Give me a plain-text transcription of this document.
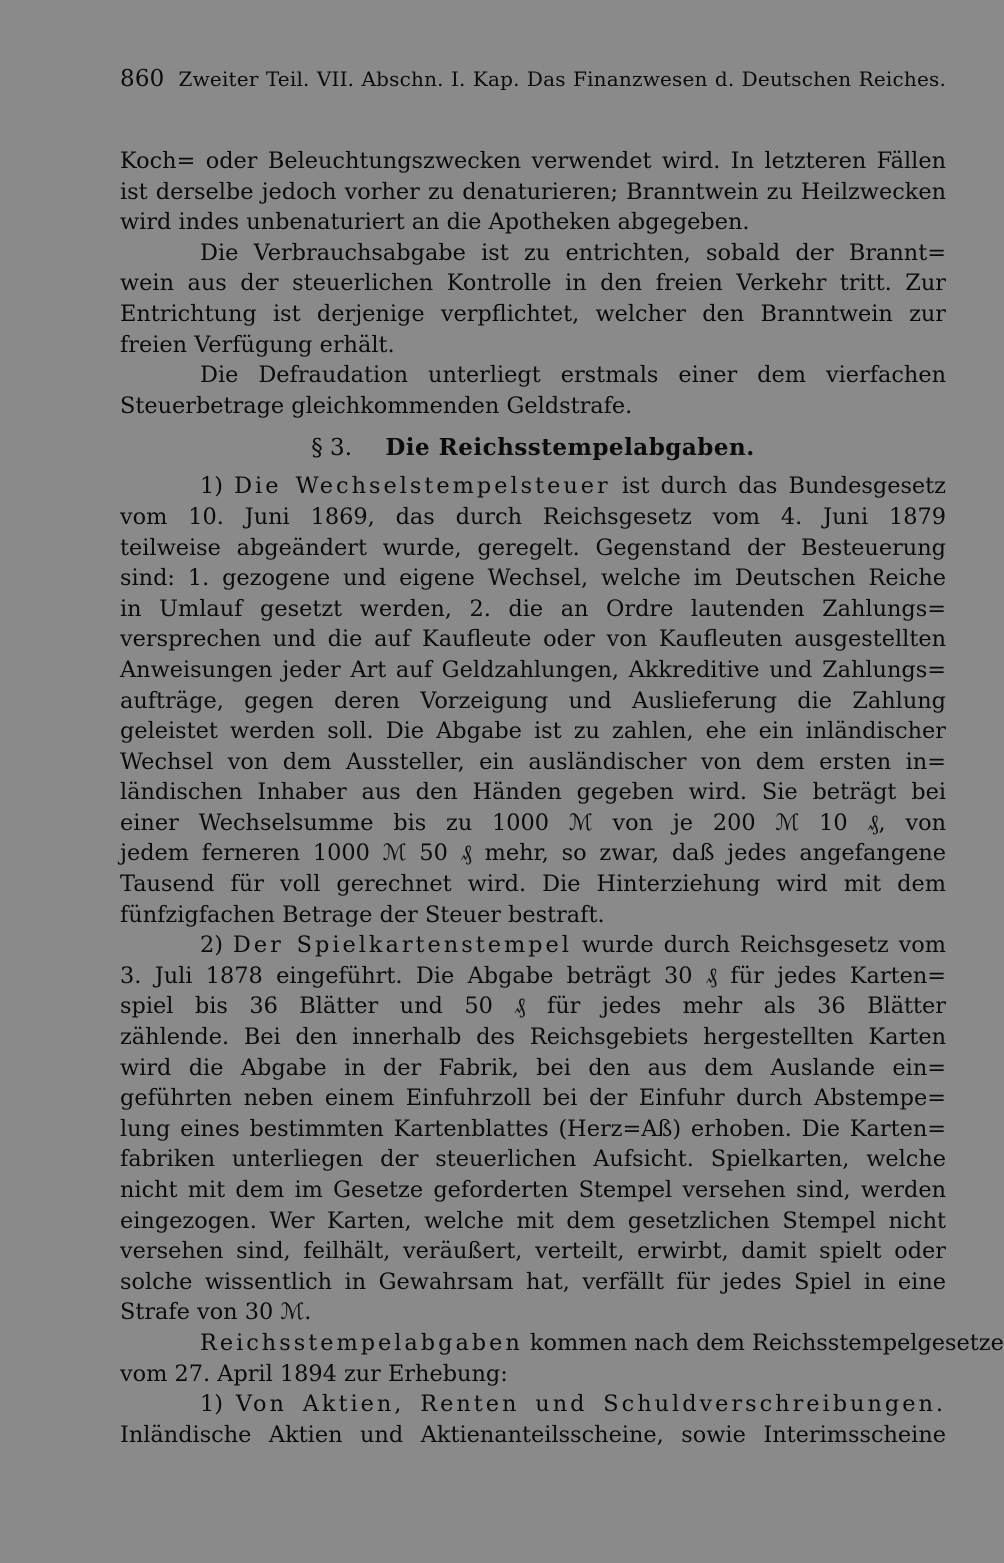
860 Zweiter Teil. VII. Abschn. I. Kap. Das Finanzwesen d. Deutschen Reiches.
Koch= oder Beleuchtungszwecken verwendet wird. In letzteren Fällen
ist derselbe jedoch vorher zu denaturieren; Branntwein zu Heilzwecken
wird indes unbenaturiert an die Apotheken abgegeben.
Die Verbrauchsabgabe ist zu entrichten, sobald der Brannt=
wein aus der steuerlichen Kontrolle in den freien Verkehr tritt. Zur
Entrichtung ist derjenige verpflichtet, welcher den Branntwein zur
freien Verfügung erhält.
Die Defraudation unterliegt erstmals einer dem vierfachen
Steuerbetrage gleichkommenden Geldstrafe.
§ 3. Die Reichsstempelabgaben.
1) Die Wechselstempelsteuer ist durch das Bundesgesetz
vom 10. Juni 1869, das durch Reichsgesetz vom 4. Juni 1879
teilweise abgeändert wurde, geregelt. Gegenstand der Besteuerung
sind: 1. gezogene und eigene Wechsel, welche im Deutschen Reiche
in Umlauf gesetzt werden, 2. die an Ordre lautenden Zahlungs=
versprechen und die auf Kaufleute oder von Kaufleuten ausgestellten
Anweisungen jeder Art auf Geldzahlungen, Akkreditive und Zahlungs=
aufträge, gegen deren Vorzeigung und Auslieferung die Zahlung
geleistet werden soll. Die Abgabe ist zu zahlen, ehe ein inländischer
Wechsel von dem Aussteller, ein ausländischer von dem ersten in=
ländischen Inhaber aus den Händen gegeben wird. Sie beträgt bei
einer Wechselsumme bis zu 1000 ℳ von je 200 ℳ 10 ₰, von
jedem ferneren 1000 ℳ 50 ₰ mehr, so zwar, daß jedes angefangene
Tausend für voll gerechnet wird. Die Hinterziehung wird mit dem
fünfzigfachen Betrage der Steuer bestraft.
2) Der Spielkartenstempel wurde durch Reichsgesetz vom
3. Juli 1878 eingeführt. Die Abgabe beträgt 30 ₰ für jedes Karten=
spiel bis 36 Blätter und 50 ₰ für jedes mehr als 36 Blätter
zählende. Bei den innerhalb des Reichsgebiets hergestellten Karten
wird die Abgabe in der Fabrik, bei den aus dem Auslande ein=
geführten neben einem Einfuhrzoll bei der Einfuhr durch Abstempe=
lung eines bestimmten Kartenblattes (Herz=Aß) erhoben. Die Karten=
fabriken unterliegen der steuerlichen Aufsicht. Spielkarten, welche
nicht mit dem im Gesetze geforderten Stempel versehen sind, werden
eingezogen. Wer Karten, welche mit dem gesetzlichen Stempel nicht
versehen sind, feilhält, veräußert, verteilt, erwirbt, damit spielt oder
solche wissentlich in Gewahrsam hat, verfällt für jedes Spiel in eine
Strafe von 30 ℳ.
Reichsstempelabgaben kommen nach dem Reichsstempelgesetze
vom 27. April 1894 zur Erhebung:
1) Von Aktien, Renten und Schuldverschreibungen.
Inländische Aktien und Aktienanteilsscheine, sowie Interimsscheine
